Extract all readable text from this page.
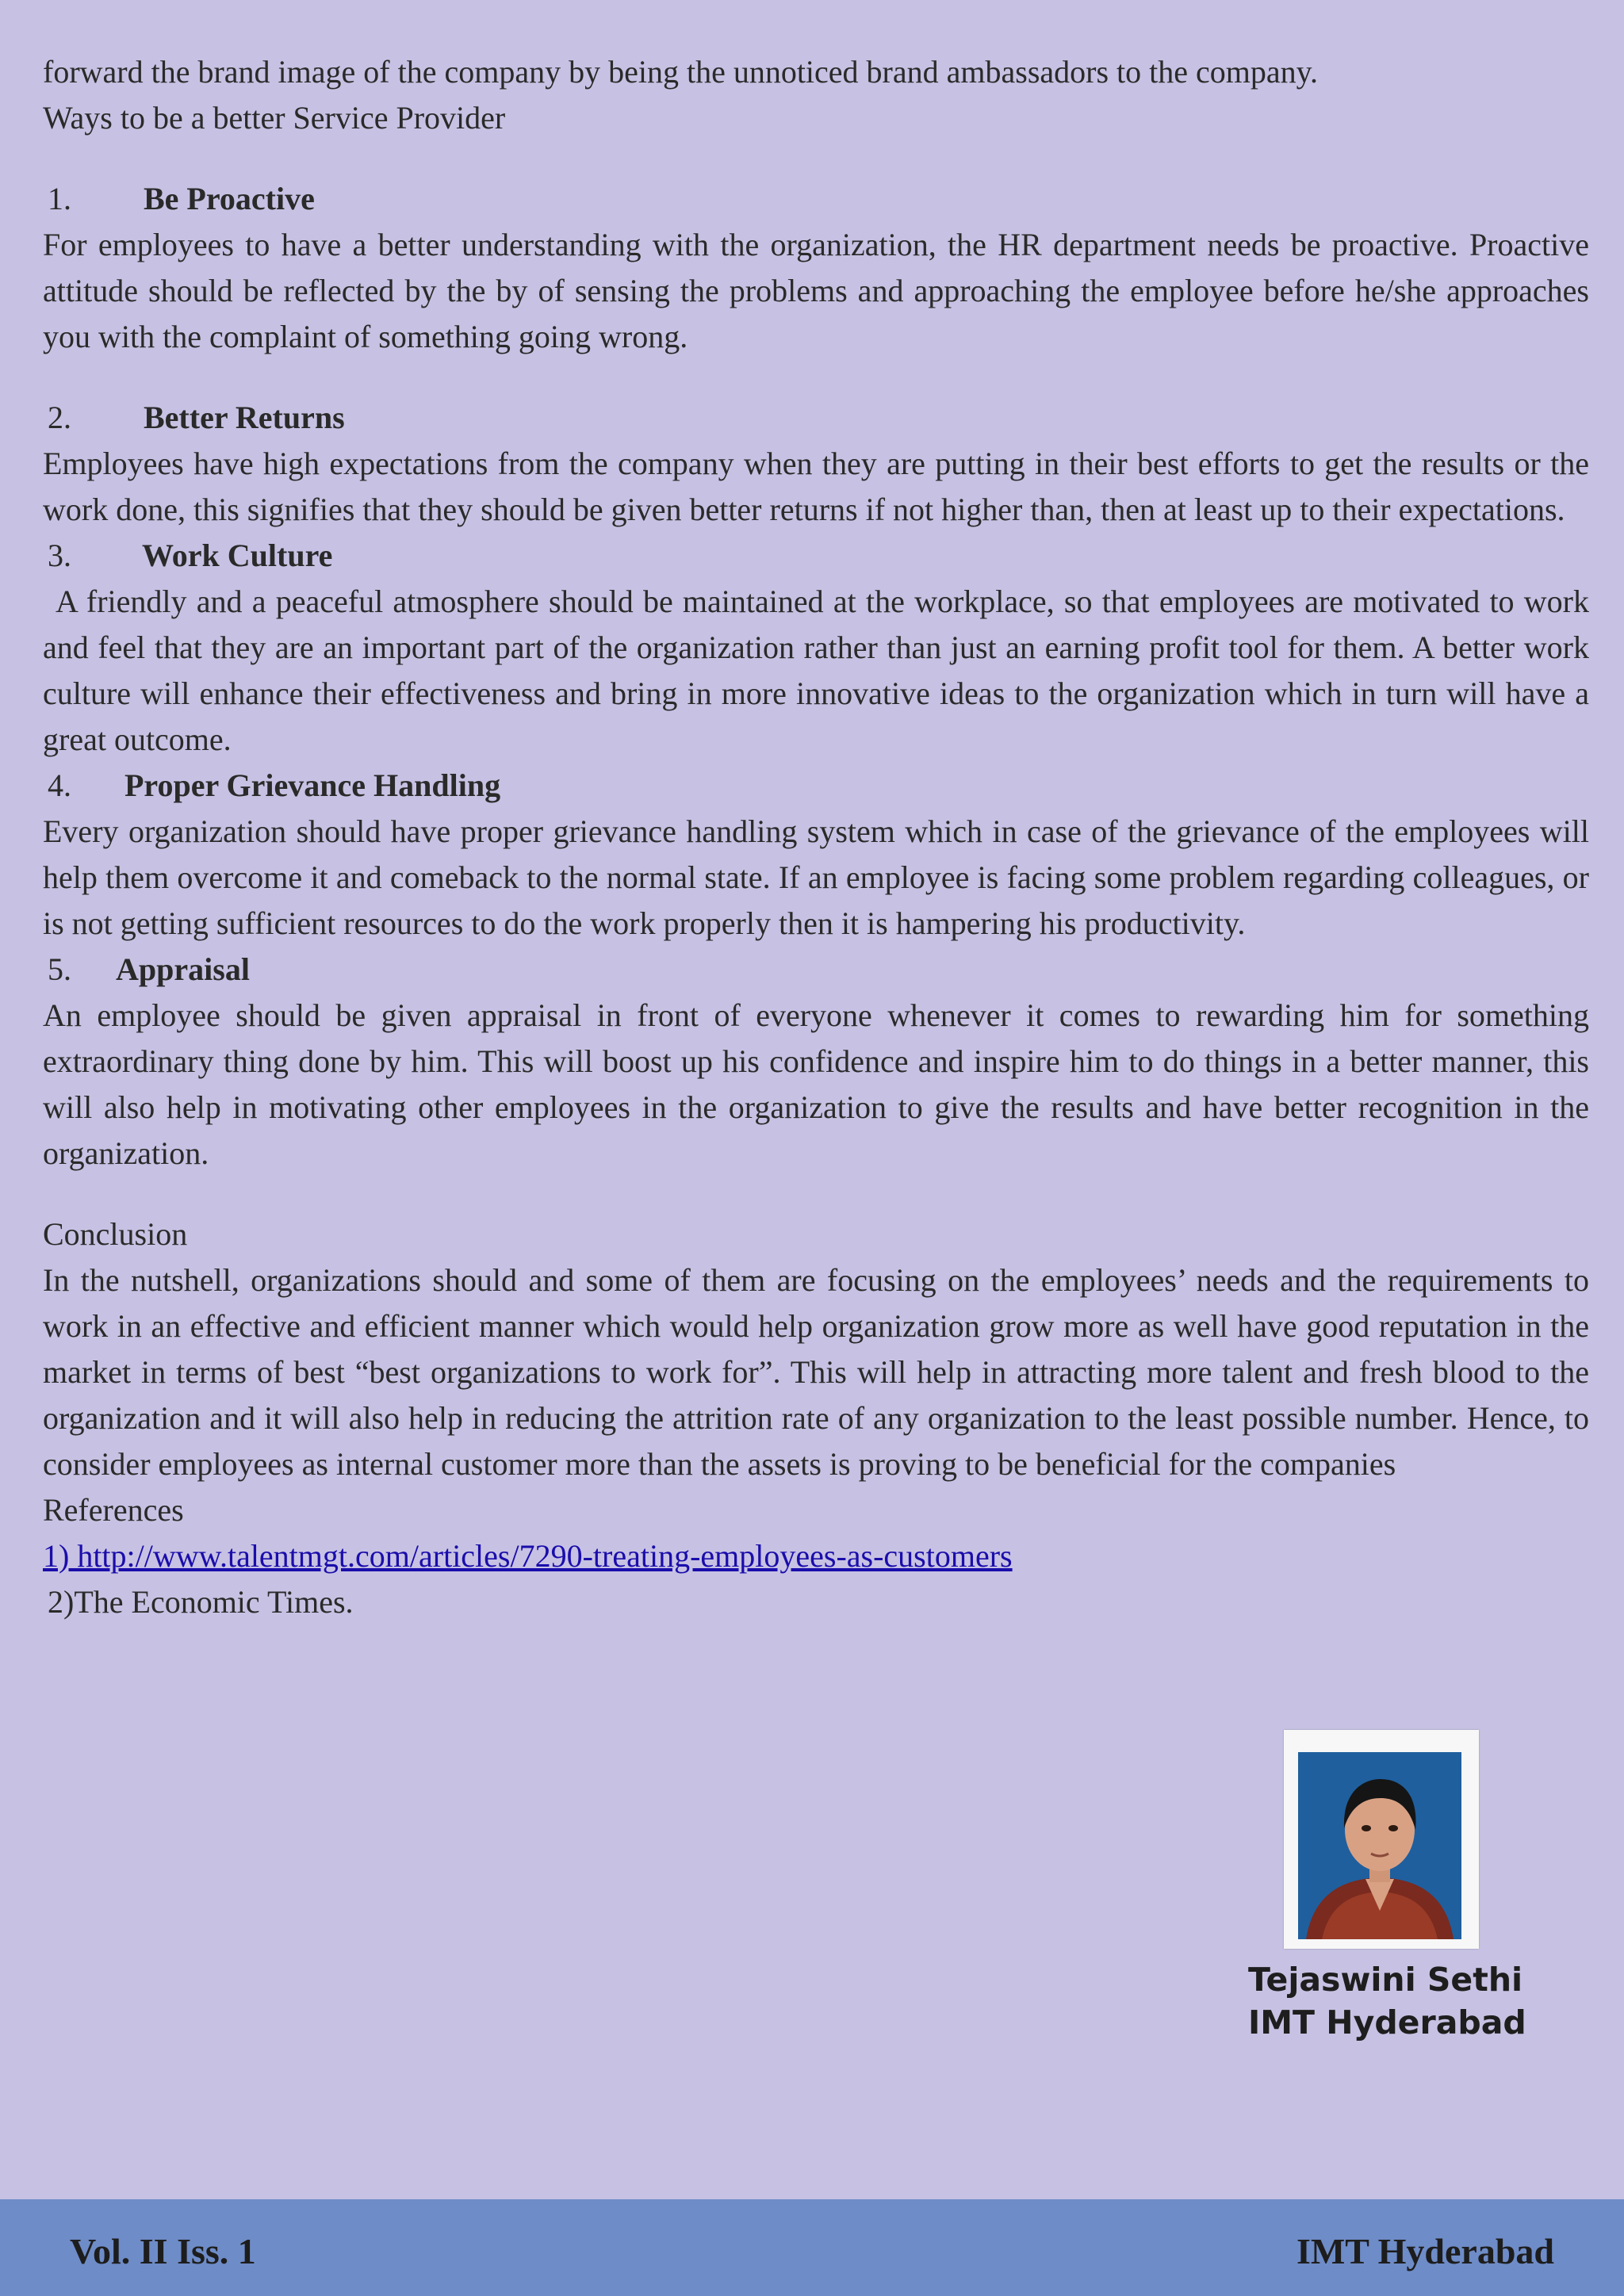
forward the brand image of the company by being the unnoticed brand ambassadors to the company.

Ways to be a better Service Provider

1.	Be Proactive

For employees to have a better understanding with the organization, the HR department needs be proactive. Proactive attitude should be reflected by the by of sensing the problems and approaching the employee before he/she approaches you with the complaint of something going wrong.

2.	Better Returns

Employees have high expectations from the company when they are putting in their best efforts to get the results or the work done, this signifies that they should be given better returns if not higher than, then at least up to their expectations.

3.	Work Culture

A friendly and a peaceful atmosphere should be maintained at the workplace, so that employees are motivated to work and feel that they are an important part of the organization rather than just an earning profit tool for them. A better work culture will enhance their effectiveness and bring in more innovative ideas to the organization which in turn will have a great outcome.

4.	Proper Grievance Handling

Every organization should have proper grievance handling system which in case of the grievance of the employees will help them overcome it and comeback to the normal state. If an employee is facing some problem regarding colleagues, or is not getting sufficient resources to do the work properly then it is hampering his productivity.

5.	Appraisal

An employee should be given appraisal in front of everyone whenever it comes to rewarding him for something extraordinary thing done by him. This will boost up his confidence and inspire him to do things in a better manner, this will also help in motivating other employees in the organization to give the results and have better recognition in the organization.

Conclusion

In the nutshell, organizations should and some of them are focusing on the employees’ needs and the requirements to work in an effective and efficient manner which would help organization grow more as well have good reputation in the market in terms of best “best organizations to work for”. This will help in attracting more talent and fresh blood to the organization and it will also help in reducing the attrition rate of any organization to the least possible number. Hence, to consider employees as internal customer more than the assets is proving to be beneficial for the companies

References

1) http://www.talentmgt.com/articles/7290-treating-employees-as-customers

2)The Economic Times.

Tejaswini Sethi
IMT Hyderabad
Vol. II Iss. 1	IMT Hyderabad
